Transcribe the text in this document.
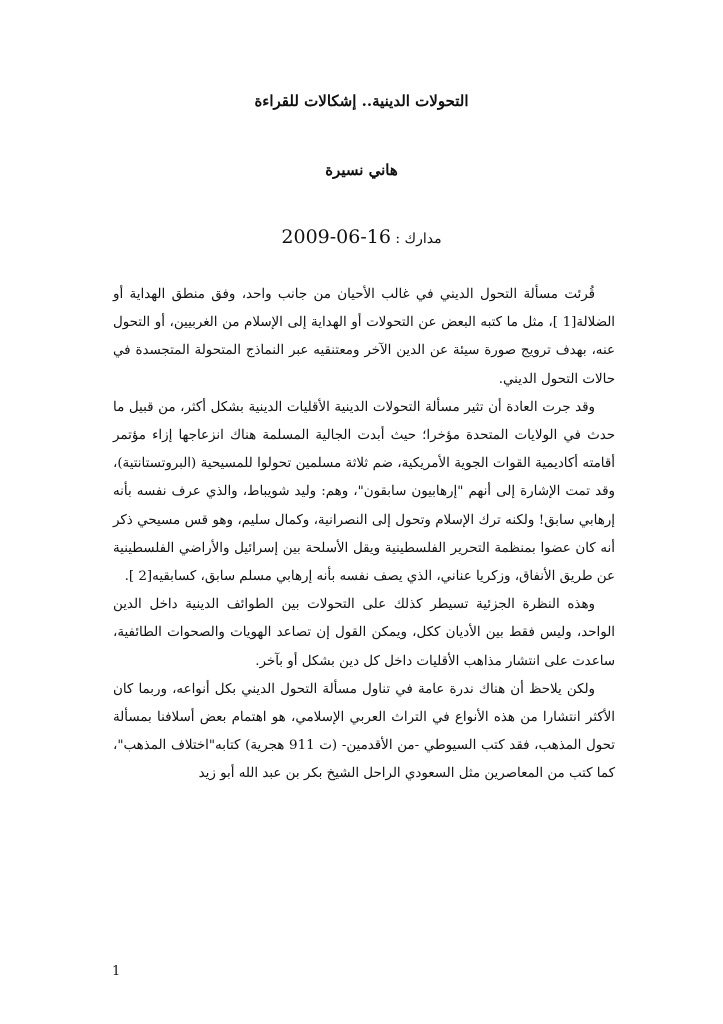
التحولات الدينية.. إشكالات للقراءة
هاني نسيرة
مدارك : 2009-06-16

قُرئت مسألة التحول الديني في غالب الأحيان من جانب واحد، وفق منطق الهداية أو الضلالة[1 ]، مثل ما كتبه البعض عن التحولات أو الهداية إلى الإسلام من الغربيين، أو التحول عنه، بهدف ترويج صورة سيئة عن الدين الآخر ومعتنقيه عبر النماذج المتحولة المتجسدة في حالات التحول الديني.

وقد جرت العادة أن تثير مسألة التحولات الدينية الأقليات الدينية بشكل أكثر، من قبيل ما حدث في الولايات المتحدة مؤخرا؛ حيث أبدت الجالية المسلمة هناك انزعاجها إزاء مؤتمر أقامته أكاديمية القوات الجوية الأمريكية، ضم ثلاثة مسلمين تحولوا للمسيحية (البروتستانتية)، وقد تمت الإشارة إلى أنهم "إرهابيون سابقون"، وهم: وليد شويباط، والذي عرف نفسه بأنه إرهابي سابق! ولكنه ترك الإسلام وتحول إلى النصرانية، وكمال سليم، وهو قس مسيحي ذكر أنه كان عضوا بمنظمة التحرير الفلسطينية ويقل الأسلحة بين إسرائيل والأراضي الفلسطينية عن طريق الأنفاق، وزكريا عناني، الذي يصف نفسه بأنه إرهابي مسلم سابق، كسابقيه[2 ].

وهذه النظرة الجزئية تسيطر كذلك على التحولات بين الطوائف الدينية داخل الدين الواحد، وليس فقط بين الأديان ككل، ويمكن القول إن تصاعد الهويات والصحوات الطائفية، ساعدت على انتشار مذاهب الأقليات داخل كل دين بشكل أو بآخر.

ولكن يلاحظ أن هناك ندرة عامة في تناول مسألة التحول الديني بكل أنواعه، وربما كان الأكثر انتشارا من هذه الأنواع في التراث العربي الإسلامي، هو اهتمام بعض أسلافنا بمسألة تحول المذهب، فقد كتب السيوطي -من الأقدمين- (ت 911 هجرية) كتابه"اختلاف المذهب"، كما كتب من المعاصرين مثل السعودي الراحل الشيخ بكر بن عبد الله أبو زيد

1
